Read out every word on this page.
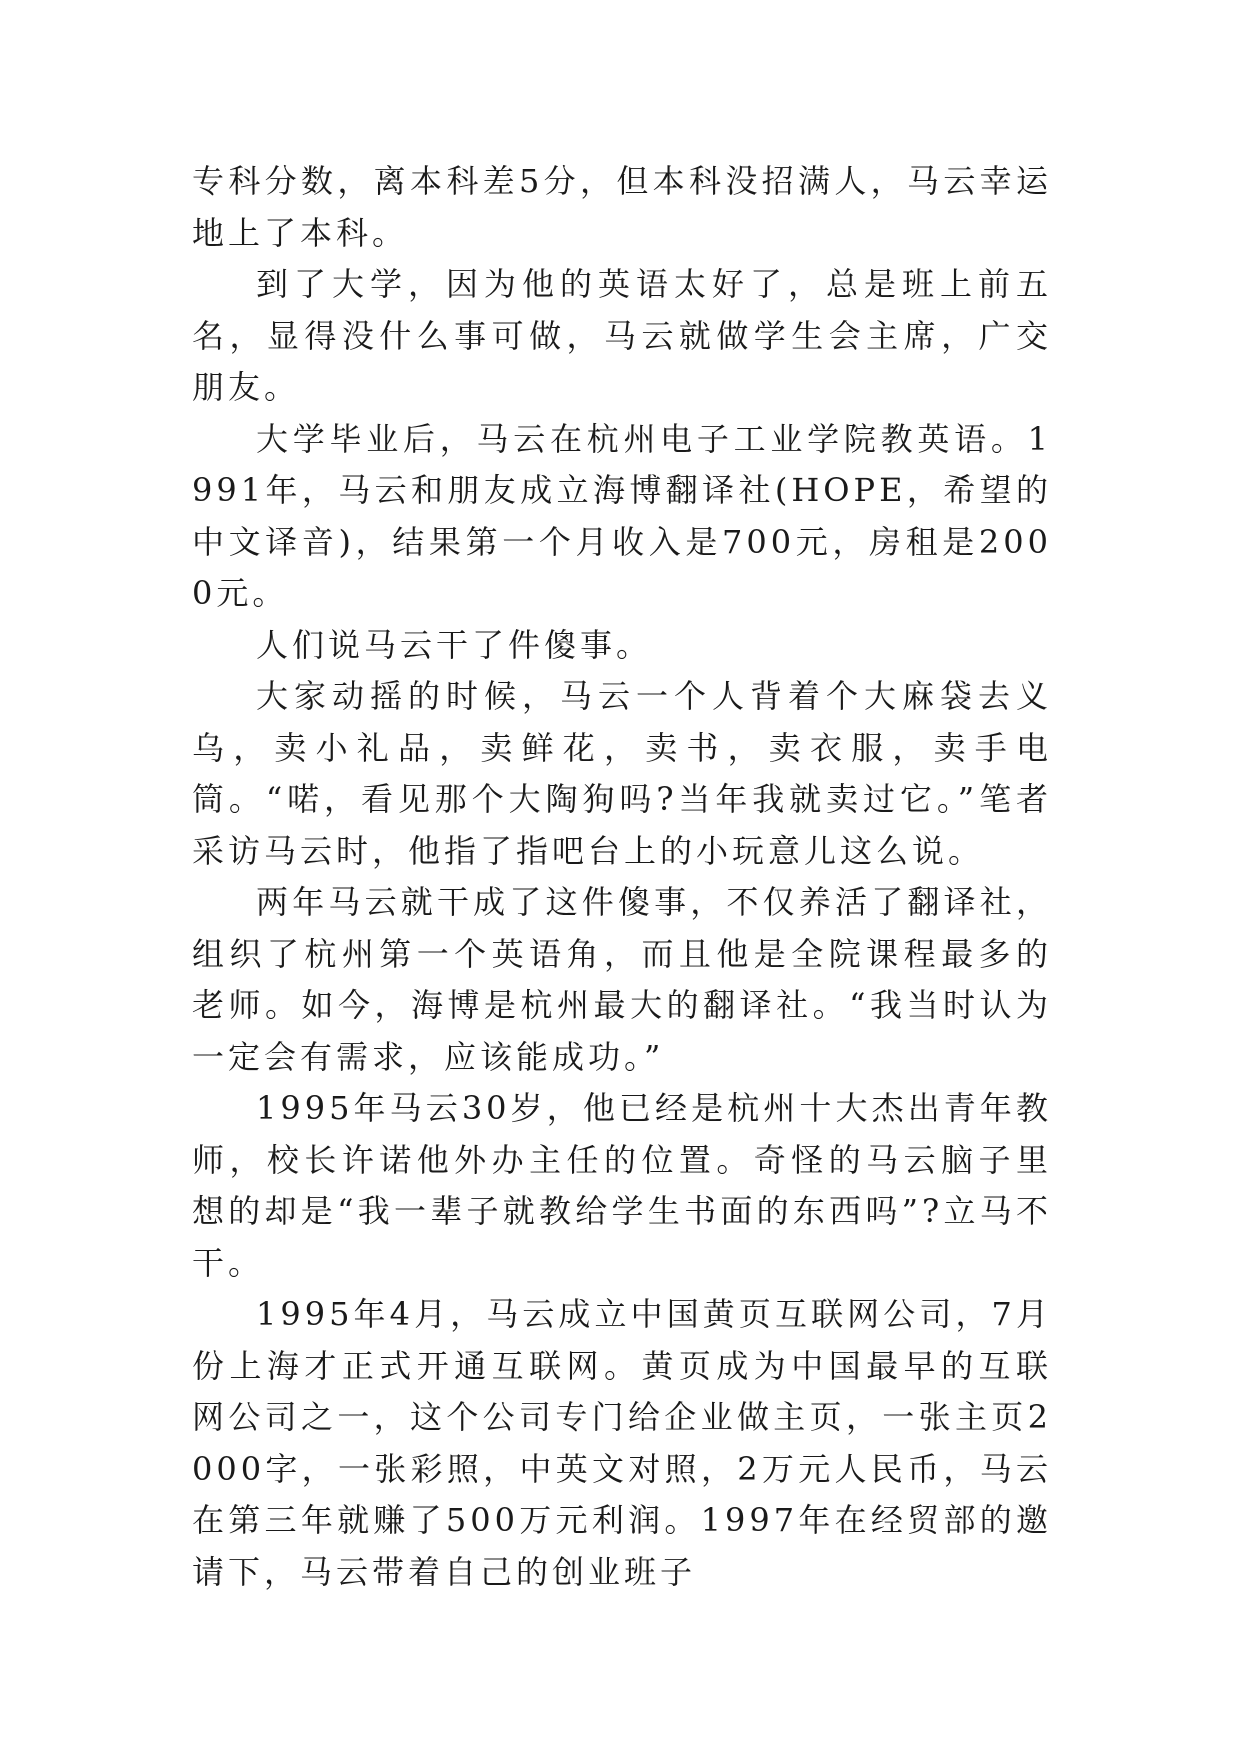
专科分数，离本科差5分，但本科没招满人，马云幸运地上了本科。

到了大学，因为他的英语太好了，总是班上前五名，显得没什么事可做，马云就做学生会主席，广交朋友。

大学毕业后，马云在杭州电子工业学院教英语。1991年，马云和朋友成立海博翻译社(HOPE，希望的中文译音)，结果第一个月收入是700元，房租是2000元。

人们说马云干了件傻事。

大家动摇的时候，马云一个人背着个大麻袋去义乌，卖小礼品，卖鲜花，卖书，卖衣服，卖手电筒。“喏，看见那个大陶狗吗?当年我就卖过它。”笔者采访马云时，他指了指吧台上的小玩意儿这么说。

两年马云就干成了这件傻事，不仅养活了翻译社，组织了杭州第一个英语角，而且他是全院课程最多的老师。如今，海博是杭州最大的翻译社。“我当时认为一定会有需求，应该能成功。”

1995年马云30岁，他已经是杭州十大杰出青年教师，校长许诺他外办主任的位置。奇怪的马云脑子里想的却是“我一辈子就教给学生书面的东西吗”?立马不干。

1995年4月，马云成立中国黄页互联网公司，7月份上海才正式开通互联网。黄页成为中国最早的互联网公司之一，这个公司专门给企业做主页，一张主页2000字，一张彩照，中英文对照，2万元人民币，马云在第三年就赚了500万元利润。1997年在经贸部的邀请下，马云带着自己的创业班子
